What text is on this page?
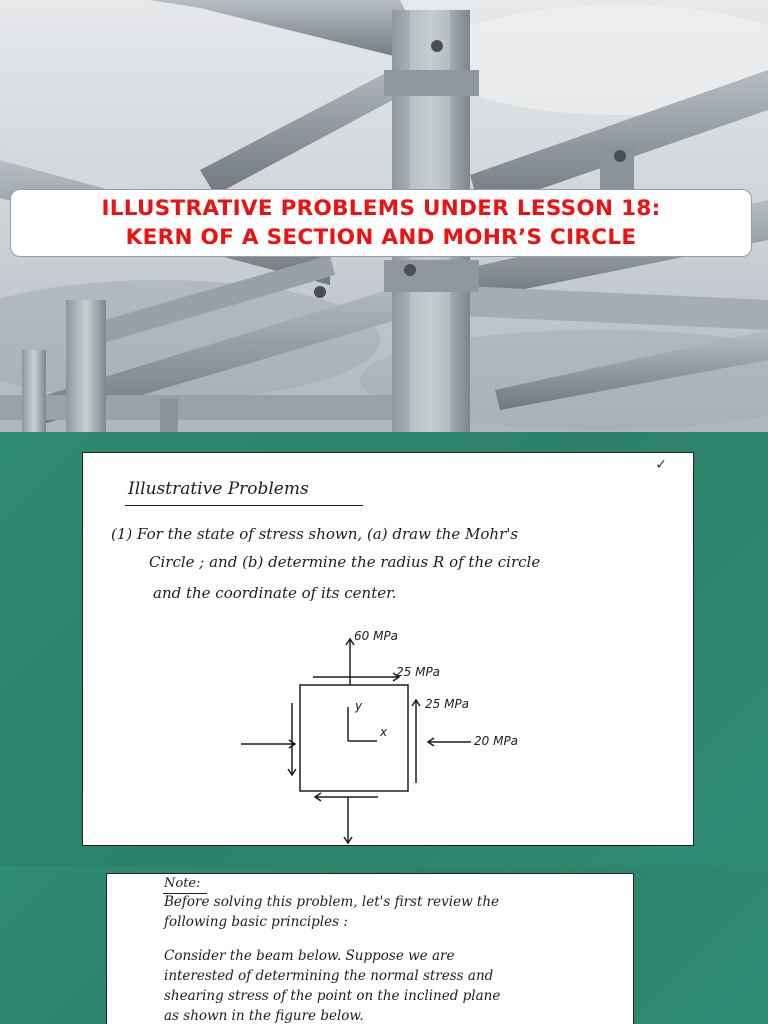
ILLUSTRATIVE PROBLEMS UNDER LESSON 18:
KERN OF A SECTION AND MOHR’S CIRCLE
✓
Illustrative Problems
(1) For the state of stress shown, (a) draw the Mohr's
Circle ; and (b) determine the radius R of the circle
and the coordinate of its center.
60 MPa
25 MPa
25 MPa
20 MPa
y
x
Note:
Before solving this problem, let's first review the
following basic principles :
Consider the beam below. Suppose we are
interested of determining the normal stress and
shearing stress of the point on the inclined plane
as shown in the figure below.
